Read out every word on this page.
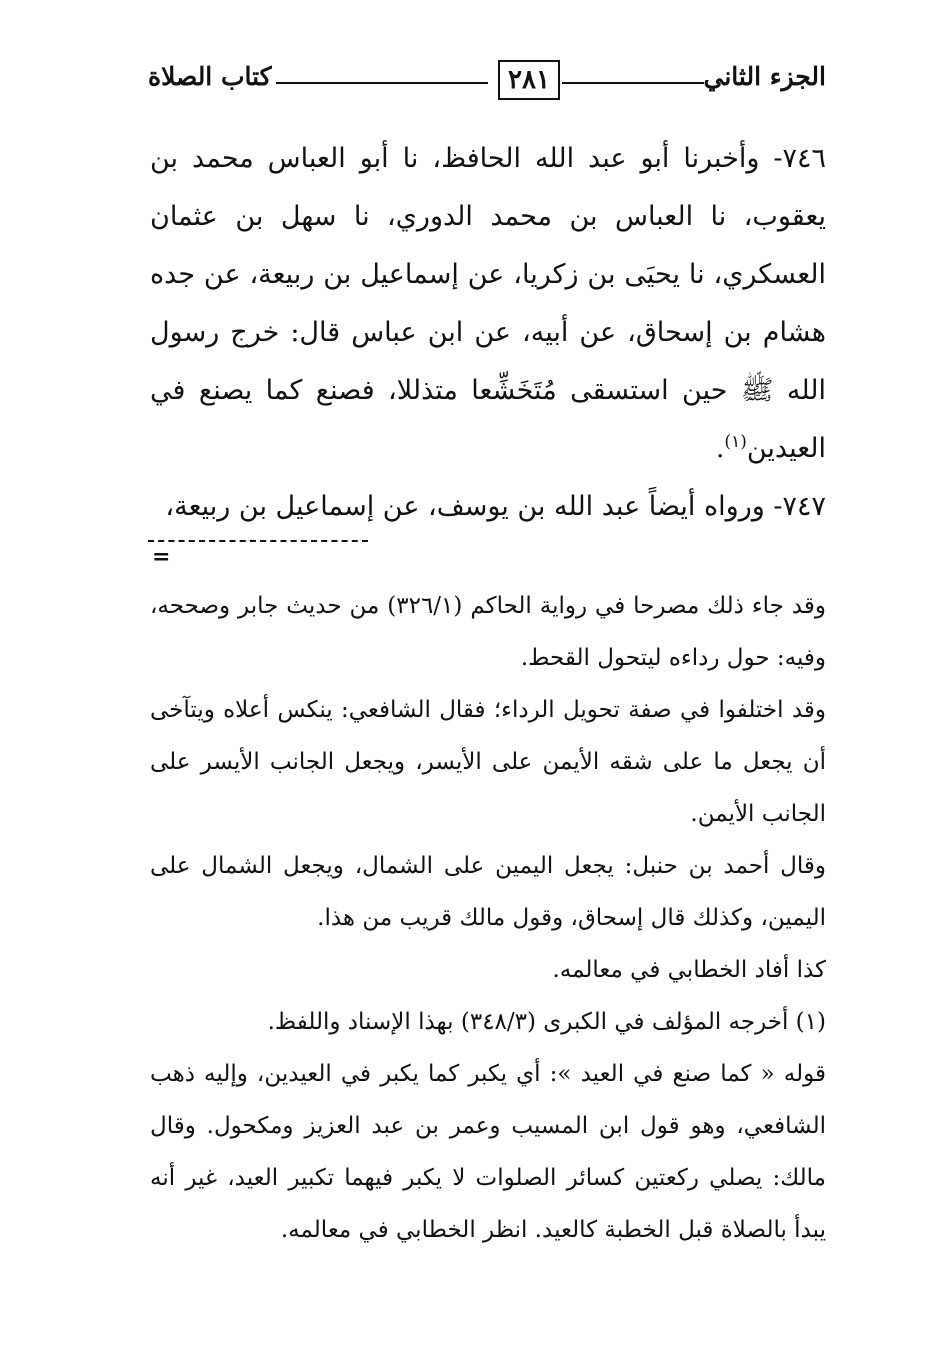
الجزء الثاني
٢٨١
كتاب الصلاة

٧٤٦- وأخبرنا أبو عبد الله الحافظ، نا أبو العباس محمد بن يعقوب، نا العباس بن محمد الدوري، نا سهل بن عثمان العسكري، نا يحيَى بن زكريا، عن إسماعيل بن ربيعة، عن جده هشام بن إسحاق، عن أبيه، عن ابن عباس قال: خرج رسول الله ﷺ حين استسقى مُتَخَشِّعا متذللا، فصنع كما يصنع في العيدين$^{(١)}$.

٧٤٧- ورواه أيضاً عبد الله بن يوسف، عن إسماعيل بن ربيعة،

=

وقد جاء ذلك مصرحا في رواية الحاكم (٣٢٦/١) من حديث جابر وصححه، وفيه: حول رداءه ليتحول القحط.

وقد اختلفوا في صفة تحويل الرداء؛ فقال الشافعي: ينكس أعلاه ويتآخى أن يجعل ما على شقه الأيمن على الأيسر، ويجعل الجانب الأيسر على الجانب الأيمن.

وقال أحمد بن حنبل: يجعل اليمين على الشمال، ويجعل الشمال على اليمين، وكذلك قال إسحاق، وقول مالك قريب من هذا.

كذا أفاد الخطابي في معالمه.

(١) أخرجه المؤلف في الكبرى (٣٤٨/٣) بهذا الإسناد واللفظ.

قوله « كما صنع في العيد »: أي يكبر كما يكبر في العيدين، وإليه ذهب الشافعي، وهو قول ابن المسيب وعمر بن عبد العزيز ومكحول. وقال مالك: يصلي ركعتين كسائر الصلوات لا يكبر فيهما تكبير العيد، غير أنه يبدأ بالصلاة قبل الخطبة كالعيد. انظر الخطابي في معالمه.
